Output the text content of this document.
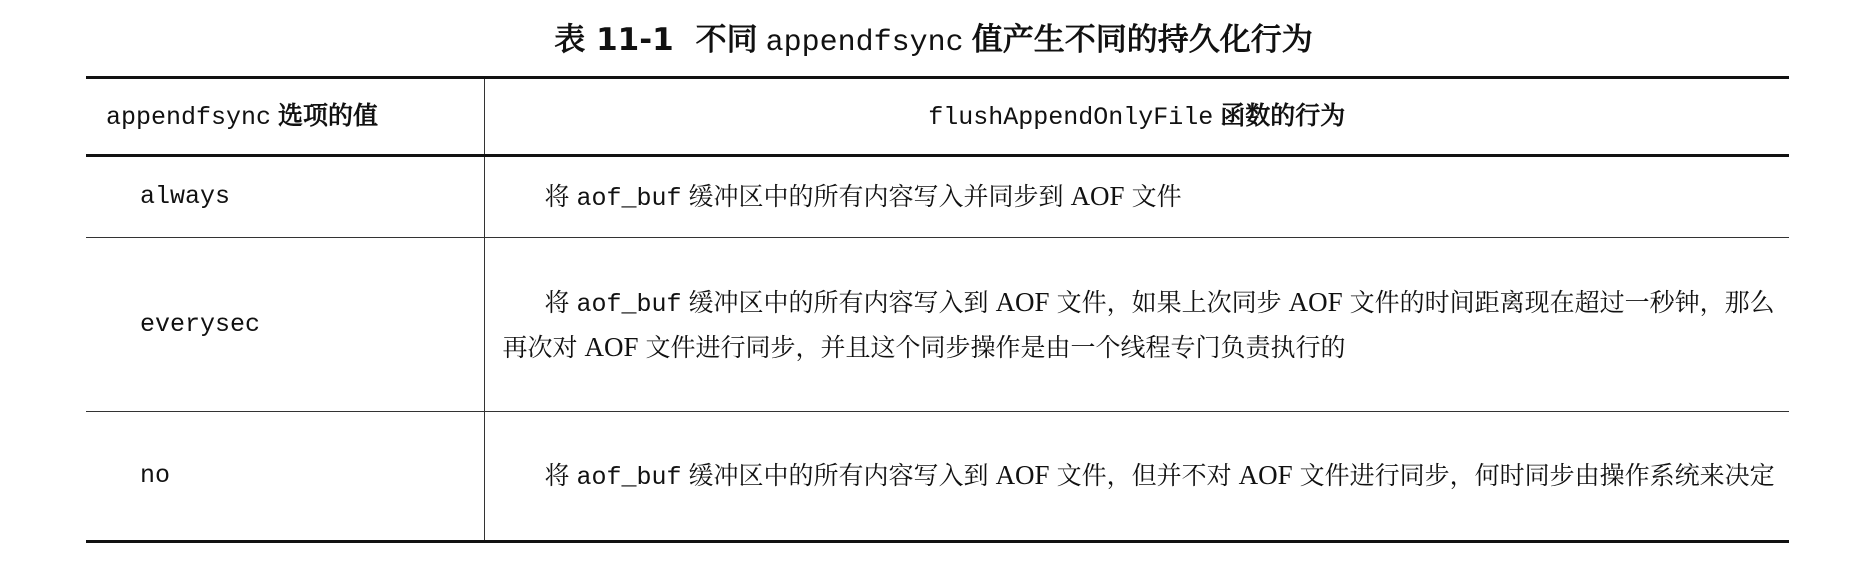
表 11-1 不同 appendfsync 值产生不同的持久化行为
appendfsync 选项的值	flushAppendOnlyFile 函数的行为
always	将 aof_buf 缓冲区中的所有内容写入并同步到 AOF 文件
everysec	将 aof_buf 缓冲区中的所有内容写入到 AOF 文件，如果上次同步 AOF 文件的时间距离现在超过一秒钟，那么再次对 AOF 文件进行同步，并且这个同步操作是由一个线程专门负责执行的
no	将 aof_buf 缓冲区中的所有内容写入到 AOF 文件，但并不对 AOF 文件进行同步，何时同步由操作系统来决定
